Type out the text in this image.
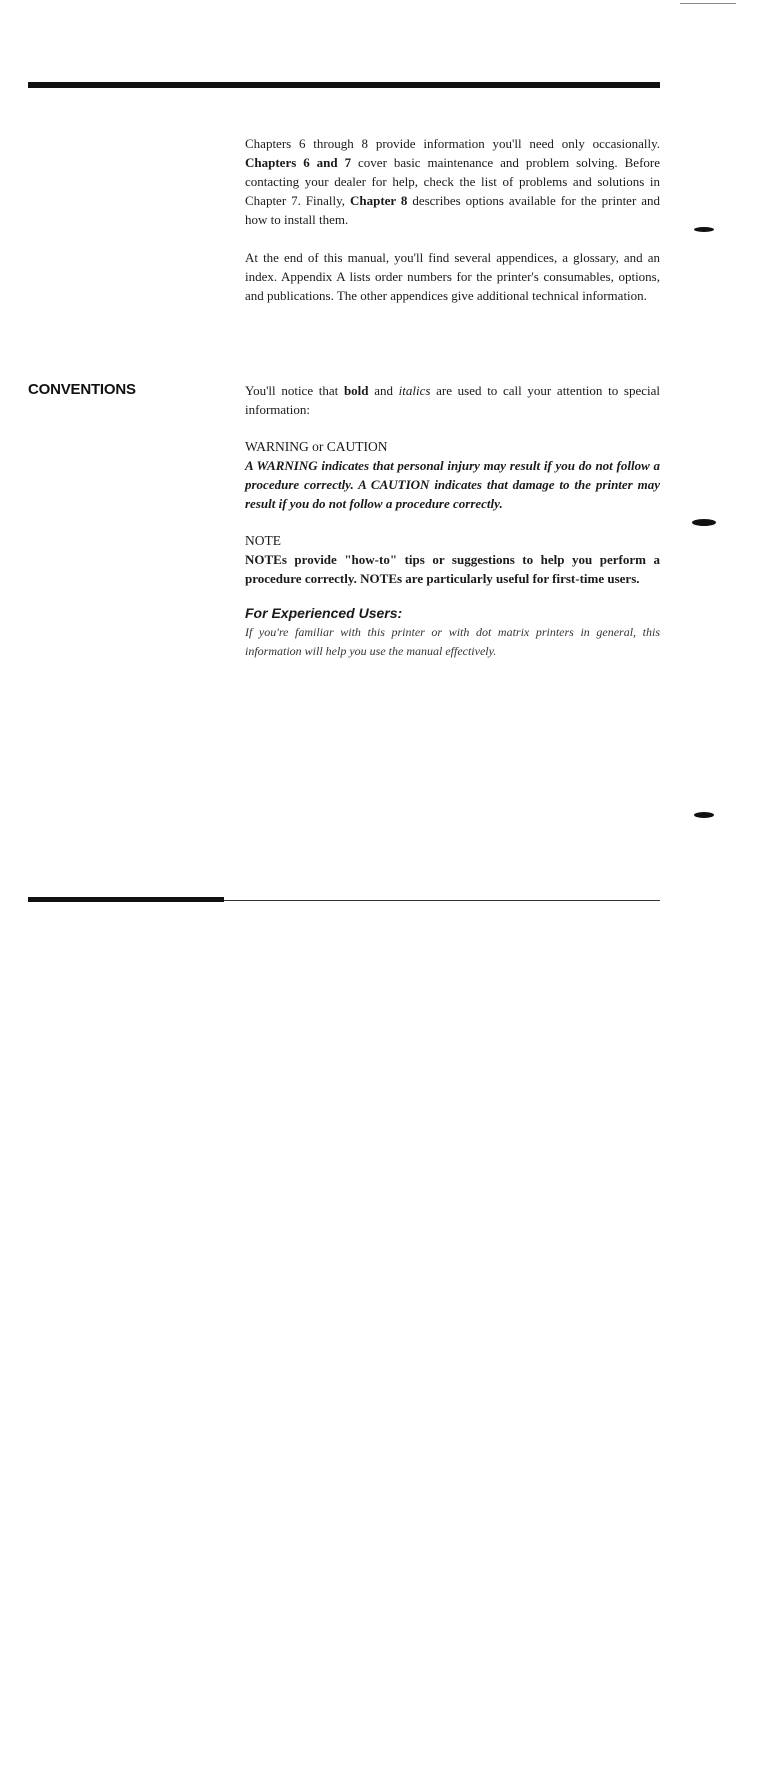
Chapters 6 through 8 provide information you'll need only occasionally. Chapters 6 and 7 cover basic maintenance and problem solving. Before contacting your dealer for help, check the list of problems and solutions in Chapter 7. Finally, Chapter 8 describes options available for the printer and how to install them.

At the end of this manual, you'll find several appendices, a glossary, and an index. Appendix A lists order numbers for the printer's consumables, options, and publications. The other appendices give additional technical information.

CONVENTIONS	You'll notice that bold and italics are used to call your attention to special information:

WARNING or CAUTION
A WARNING indicates that personal injury may result if you do not follow a procedure correctly. A CAUTION indicates that damage to the printer may result if you do not follow a procedure correctly.
NOTE
NOTEs provide "how-to" tips or suggestions to help you perform a procedure correctly. NOTEs are particularly useful for first-time users.
For Experienced Users:
If you're familiar with this printer or with dot matrix printers in general, this information will help you use the manual effectively.
